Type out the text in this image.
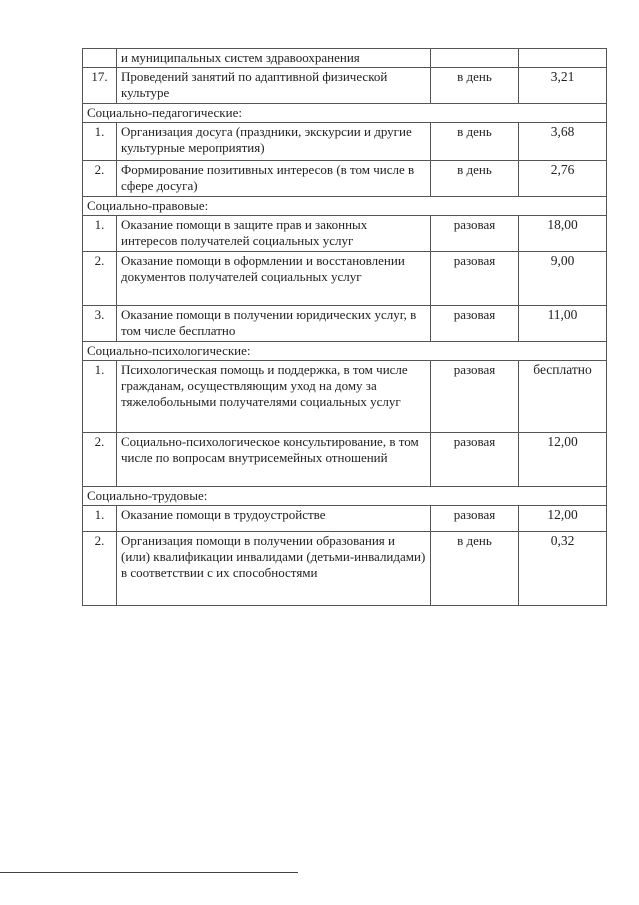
	и муниципальных систем здравоохранения		
17.	Проведений занятий по адаптивной физической культуре	в день	3,21
Социально-педагогические:			
1.	Организация досуга (праздники, экскурсии и другие культурные мероприятия)	в день	3,68
2.	Формирование позитивных интересов (в том числе в сфере досуга)	в день	2,76
Социально-правовые:			
1.	Оказание помощи в защите прав и законных интересов получателей социальных услуг	разовая	18,00
2.	Оказание помощи в оформлении и восстановлении документов получателей социальных услуг	разовая	9,00
3.	Оказание помощи в получении юридических услуг, в том числе бесплатно	разовая	11,00
Социально-психологические:			
1.	Психологическая помощь и поддержка, в том числе гражданам, осуществляющим уход на дому за тяжелобольными получателями социальных услуг	разовая	бесплатно
2.	Социально-психологическое консультирование, в том числе по вопросам внутрисемейных отношений	разовая	12,00
Социально-трудовые:			
1.	Оказание помощи в трудоустройстве	разовая	12,00
2.	Организация помощи в получении образования и (или) квалификации инвалидами (детьми-инвалидами) в соответствии с их способностями	в день	0,32
